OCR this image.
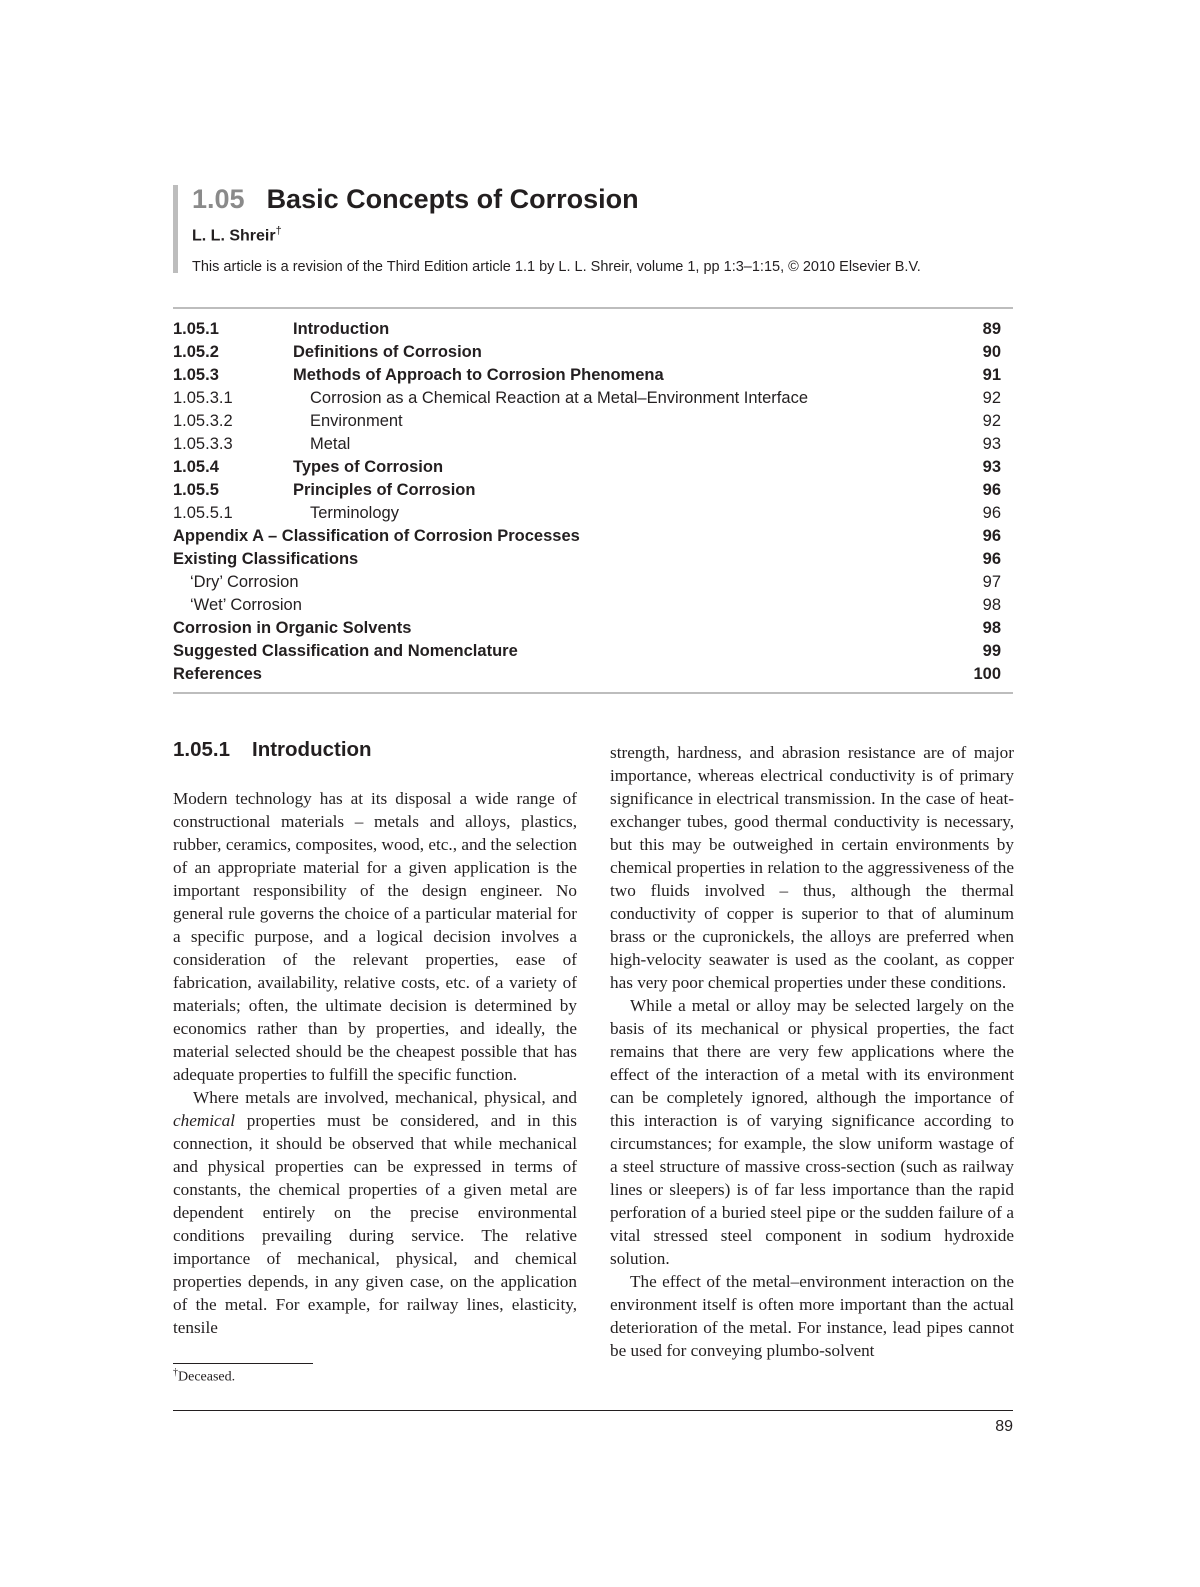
1.05 Basic Concepts of Corrosion
L. L. Shreir†
This article is a revision of the Third Edition article 1.1 by L. L. Shreir, volume 1, pp 1:3–1:15, © 2010 Elsevier B.V.
1.05.1	Introduction	89
1.05.2	Definitions of Corrosion	90
1.05.3	Methods of Approach to Corrosion Phenomena	91
1.05.3.1	Corrosion as a Chemical Reaction at a Metal–Environment Interface	92
1.05.3.2	Environment	92
1.05.3.3	Metal	93
1.05.4	Types of Corrosion	93
1.05.5	Principles of Corrosion	96
1.05.5.1	Terminology	96
Appendix A – Classification of Corrosion Processes	96
Existing Classifications	96
‘Dry’ Corrosion	97
‘Wet’ Corrosion	98
Corrosion in Organic Solvents	98
Suggested Classification and Nomenclature	99
References	100
1.05.1 Introduction

Modern technology has at its disposal a wide range of constructional materials – metals and alloys, plastics, rubber, ceramics, composites, wood, etc., and the selection of an appropriate material for a given application is the important responsibility of the design engineer. No general rule governs the choice of a particular material for a specific purpose, and a logical decision involves a consideration of the relevant properties, ease of fabrication, availability, relative costs, etc. of a variety of materials; often, the ultimate decision is determined by economics rather than by properties, and ideally, the material selected should be the cheapest possible that has adequate properties to fulfill the specific function.

Where metals are involved, mechanical, physical, and chemical properties must be considered, and in this connection, it should be observed that while mechanical and physical properties can be expressed in terms of constants, the chemical properties of a given metal are dependent entirely on the precise environmental conditions prevailing during service. The relative importance of mechanical, physical, and chemical properties depends, in any given case, on the application of the metal. For example, for railway lines, elasticity, tensile

strength, hardness, and abrasion resistance are of major importance, whereas electrical conductivity is of primary significance in electrical transmission. In the case of heat-exchanger tubes, good thermal conductivity is necessary, but this may be outweighed in certain environments by chemical properties in relation to the aggressiveness of the two fluids involved – thus, although the thermal conductivity of copper is superior to that of aluminum brass or the cupronickels, the alloys are preferred when high-velocity seawater is used as the coolant, as copper has very poor chemical properties under these conditions.

While a metal or alloy may be selected largely on the basis of its mechanical or physical properties, the fact remains that there are very few applications where the effect of the interaction of a metal with its environment can be completely ignored, although the importance of this interaction is of varying significance according to circumstances; for example, the slow uniform wastage of a steel structure of massive cross-section (such as railway lines or sleepers) is of far less importance than the rapid perforation of a buried steel pipe or the sudden failure of a vital stressed steel component in sodium hydroxide solution.

The effect of the metal–environment interaction on the environment itself is often more important than the actual deterioration of the metal. For instance, lead pipes cannot be used for conveying plumbo-solvent

†Deceased.
89
